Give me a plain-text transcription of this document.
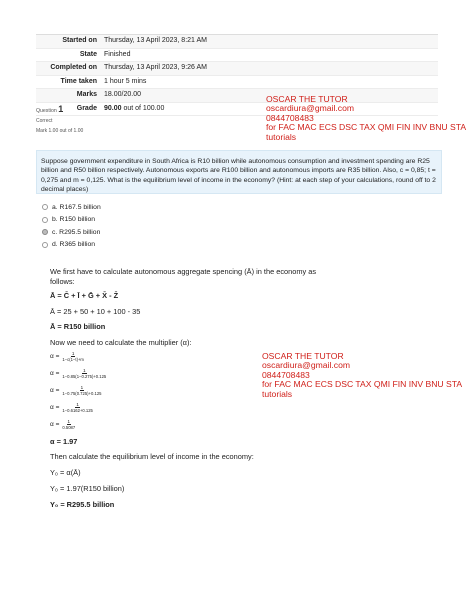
Started on	Thursday, 13 April 2023, 8:21 AM
State	Finished
Completed on	Thursday, 13 April 2023, 9:26 AM
Time taken	1 hour 5 mins
Marks	18.00/20.00
Grade	90.00 out of 100.00
OSCAR THE TUTOR
oscardiura@gmail.com
0844708483
for FAC MAC ECS DSC TAX QMI FIN INV BNU STA
tutorials
Question 1
Correct
Mark 1.00 out of 1.00
Suppose government expenditure in South Africa is R10 billion while autonomous consumption and investment spending are R25 billion and R50 billion respectively. Autonomous exports are R100 billion and autonomous imports are R35 billion. Also, c = 0,85; t = 0,275 and m = 0,125. What is the equilibrium level of income in the economy? (Hint: at each step of your calculations, round off to 2 decimal places)
a. R167.5 billion
b. R150 billion
c. R295.5 billion
d. R365 billion
We first have to calculate autonomous aggregate spencing (Ā) in the economy as
follows:
Ā = C̄ + Ī + Ḡ + X̄ - Z̄
Ā = 25 + 50 + 10 + 100 - 35
Ā = R150 billion
Now we need to calculate the multiplier (α):
$\alpha = \frac{1}{1-c(1-t)+m}$
$\alpha = \frac{1}{1-0.85(1-0.275)+0.125}$
$\alpha = \frac{1}{1-0.75(0.725)+0.125}$
$\alpha = \frac{1}{1-0.6162+0.125}$
$\alpha = \frac{1}{0.5087}$
α = 1.97
Then calculate the equilibrium level of income in the economy:
Y₀ = α(Ā)
Y₀ = 1.97(R150 billion)
Y₀ = R295.5 billion
OSCAR THE TUTOR
oscardiura@gmail.com
0844708483
for FAC MAC ECS DSC TAX QMI FIN INV BNU STA
tutorials
